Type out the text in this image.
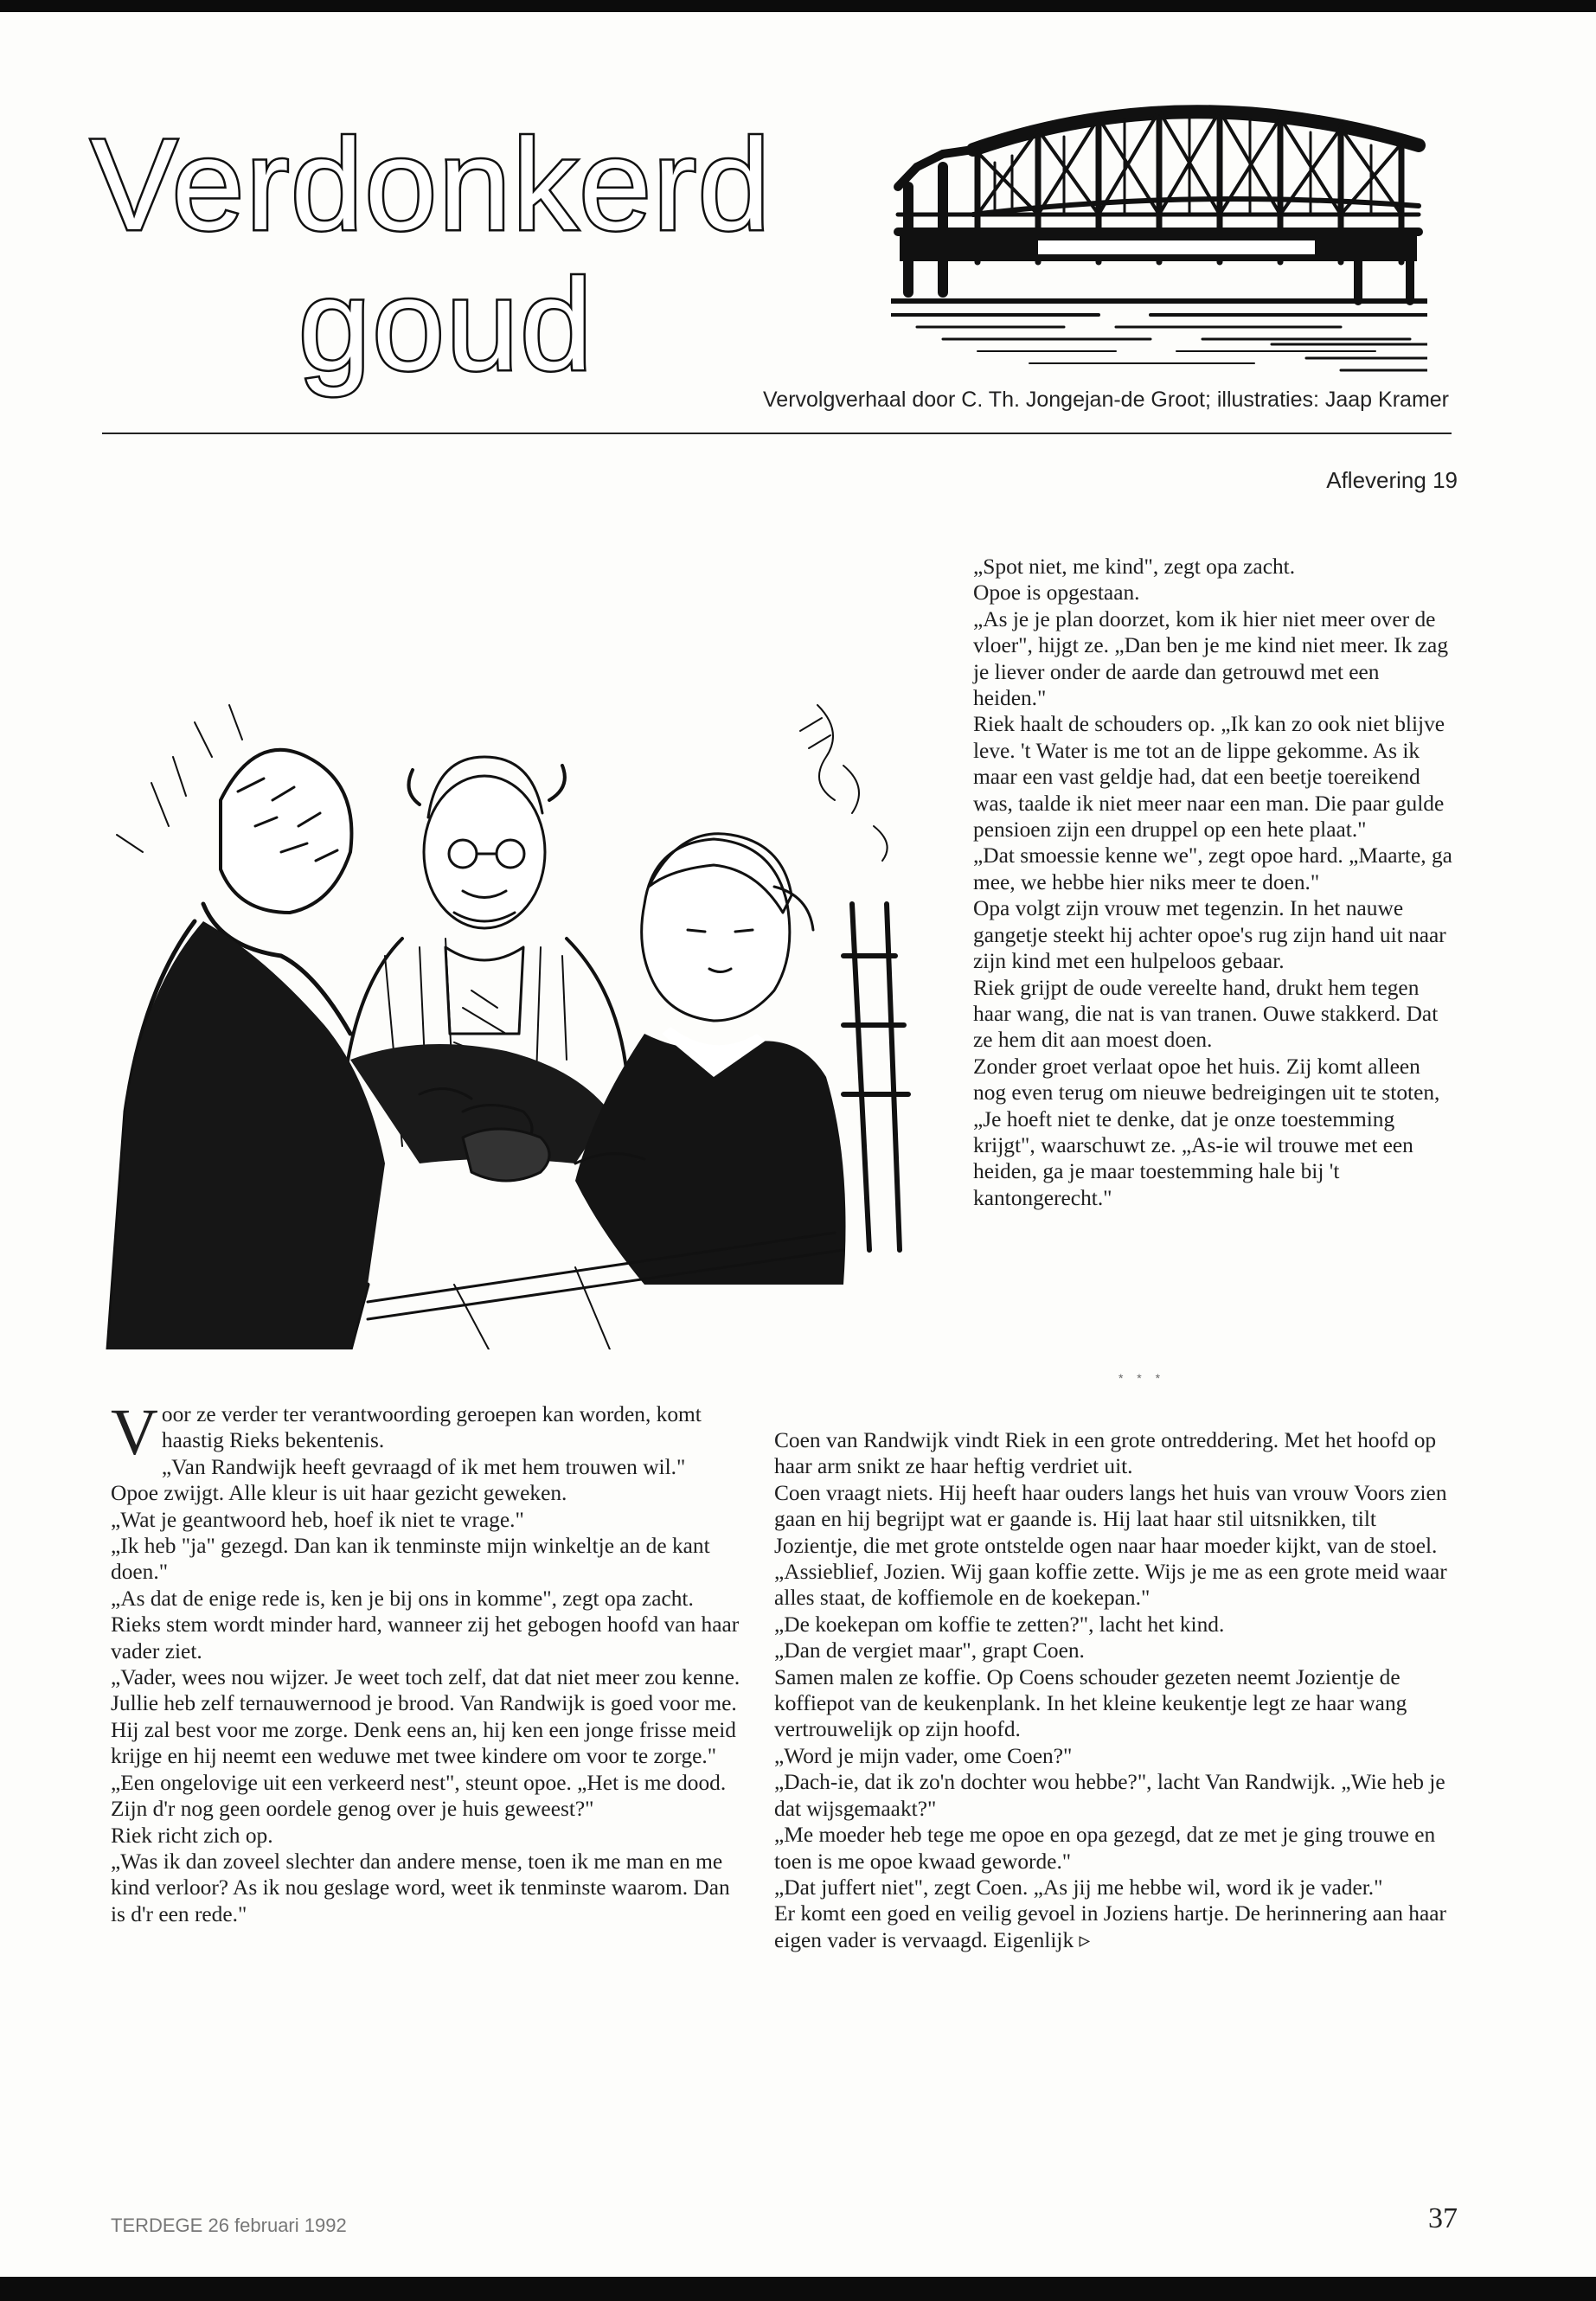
Verdonkerd
goud
Vervolgverhaal door C. Th. Jongejan-de Groot; illustraties: Jaap Kramer
Aflevering 19

„Spot niet, me kind", zegt opa zacht.

Opoe is opgestaan.

„As je je plan doorzet, kom ik hier niet meer over de vloer", hijgt ze. „Dan ben je me kind niet meer. Ik zag je liever onder de aarde dan getrouwd met een heiden."

Riek haalt de schouders op. „Ik kan zo ook niet blijve leve. 't Water is me tot an de lippe gekomme. As ik maar een vast geldje had, dat een beetje toereikend was, taalde ik niet meer naar een man. Die paar gulde pensioen zijn een druppel op een hete plaat."

„Dat smoessie kenne we", zegt opoe hard. „Maarte, ga mee, we hebbe hier niks meer te doen."

Opa volgt zijn vrouw met tegenzin. In het nauwe gangetje steekt hij achter opoe's rug zijn hand uit naar zijn kind met een hulpeloos gebaar.

Riek grijpt de oude vereelte hand, drukt hem tegen haar wang, die nat is van tranen. Ouwe stakkerd. Dat ze hem dit aan moest doen.

Zonder groet verlaat opoe het huis. Zij komt alleen nog even terug om nieuwe bedreigingen uit te stoten, „Je hoeft niet te denke, dat je onze toestemming krijgt", waarschuwt ze. „As-ie wil trouwe met een heiden, ga je maar toestemming hale bij 't kantongerecht."

* * *

Voor ze verder ter verantwoording geroepen kan worden, komt haastig Rieks bekentenis.

„Van Randwijk heeft gevraagd of ik met hem trouwen wil."

Opoe zwijgt. Alle kleur is uit haar gezicht geweken.

„Wat je geantwoord heb, hoef ik niet te vrage."

„Ik heb "ja" gezegd. Dan kan ik tenminste mijn winkeltje an de kant doen."

„As dat de enige rede is, ken je bij ons in komme", zegt opa zacht.

Rieks stem wordt minder hard, wanneer zij het gebogen hoofd van haar vader ziet.

„Vader, wees nou wijzer. Je weet toch zelf, dat dat niet meer zou kenne. Jullie heb zelf ternauwernood je brood. Van Randwijk is goed voor me. Hij zal best voor me zorge. Denk eens an, hij ken een jonge frisse meid krijge en hij neemt een weduwe met twee kindere om voor te zorge."

„Een ongelovige uit een verkeerd nest", steunt opoe. „Het is me dood. Zijn d'r nog geen oordele genog over je huis geweest?"

Riek richt zich op.

„Was ik dan zoveel slechter dan andere mense, toen ik me man en me kind verloor? As ik nou geslage word, weet ik tenminste waarom. Dan is d'r een rede."

Coen van Randwijk vindt Riek in een grote ontreddering. Met het hoofd op haar arm snikt ze haar heftig verdriet uit.

Coen vraagt niets. Hij heeft haar ouders langs het huis van vrouw Voors zien gaan en hij begrijpt wat er gaande is. Hij laat haar stil uitsnikken, tilt Jozientje, die met grote ontstelde ogen naar haar moeder kijkt, van de stoel.

„Assieblief, Jozien. Wij gaan koffie zette. Wijs je me as een grote meid waar alles staat, de koffiemole en de koekepan."

„De koekepan om koffie te zetten?", lacht het kind.

„Dan de vergiet maar", grapt Coen.

Samen malen ze koffie. Op Coens schouder gezeten neemt Jozientje de koffiepot van de keukenplank. In het kleine keukentje legt ze haar wang vertrouwelijk op zijn hoofd.

„Word je mijn vader, ome Coen?"

„Dach-ie, dat ik zo'n dochter wou hebbe?", lacht Van Randwijk. „Wie heb je dat wijsgemaakt?"

„Me moeder heb tege me opoe en opa gezegd, dat ze met je ging trouwe en toen is me opoe kwaad geworde."

„Dat juffert niet", zegt Coen. „As jij me hebbe wil, word ik je vader."

Er komt een goed en veilig gevoel in Joziens hartje. De herinnering aan haar eigen vader is vervaagd. Eigenlijk ▹

TERDEGE 26 februari 1992	37
